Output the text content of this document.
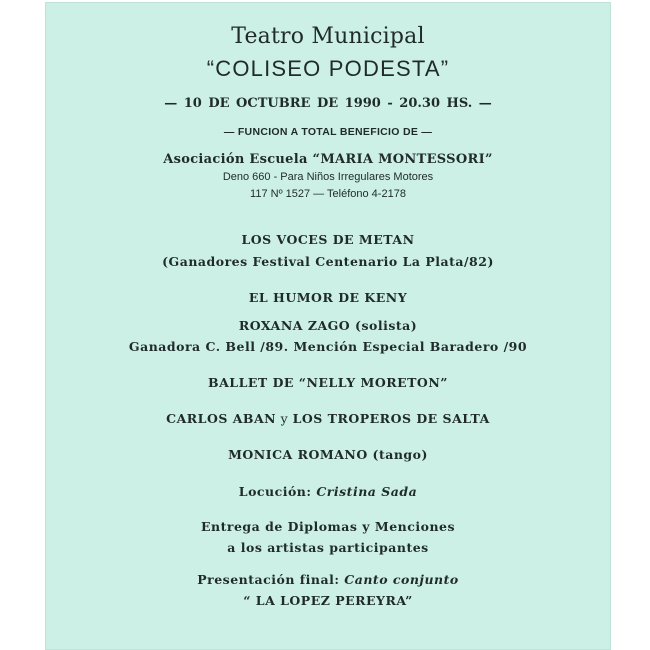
Teatro Municipal
“COLISEO PODESTA”
— 10 DE OCTUBRE DE 1990 - 20.30 HS. —
— FUNCION A TOTAL BENEFICIO DE —
Asociación Escuela “MARIA MONTESSORI”
Deno 660 - Para Niños Irregulares Motores
117 Nº 1527 — Teléfono 4-2178
LOS VOCES DE METAN
(Ganadores Festival Centenario La Plata/82)
EL HUMOR DE KENY
ROXANA ZAGO (solista)
Ganadora C. Bell /89. Mención Especial Baradero /90
BALLET DE “NELLY MORETON”
CARLOS ABAN y LOS TROPEROS DE SALTA
MONICA ROMANO (tango)
Locución: Cristina Sada
Entrega de Diplomas y Menciones
a los artistas participantes
Presentación final: Canto conjunto
“ LA LOPEZ PEREYRA”
